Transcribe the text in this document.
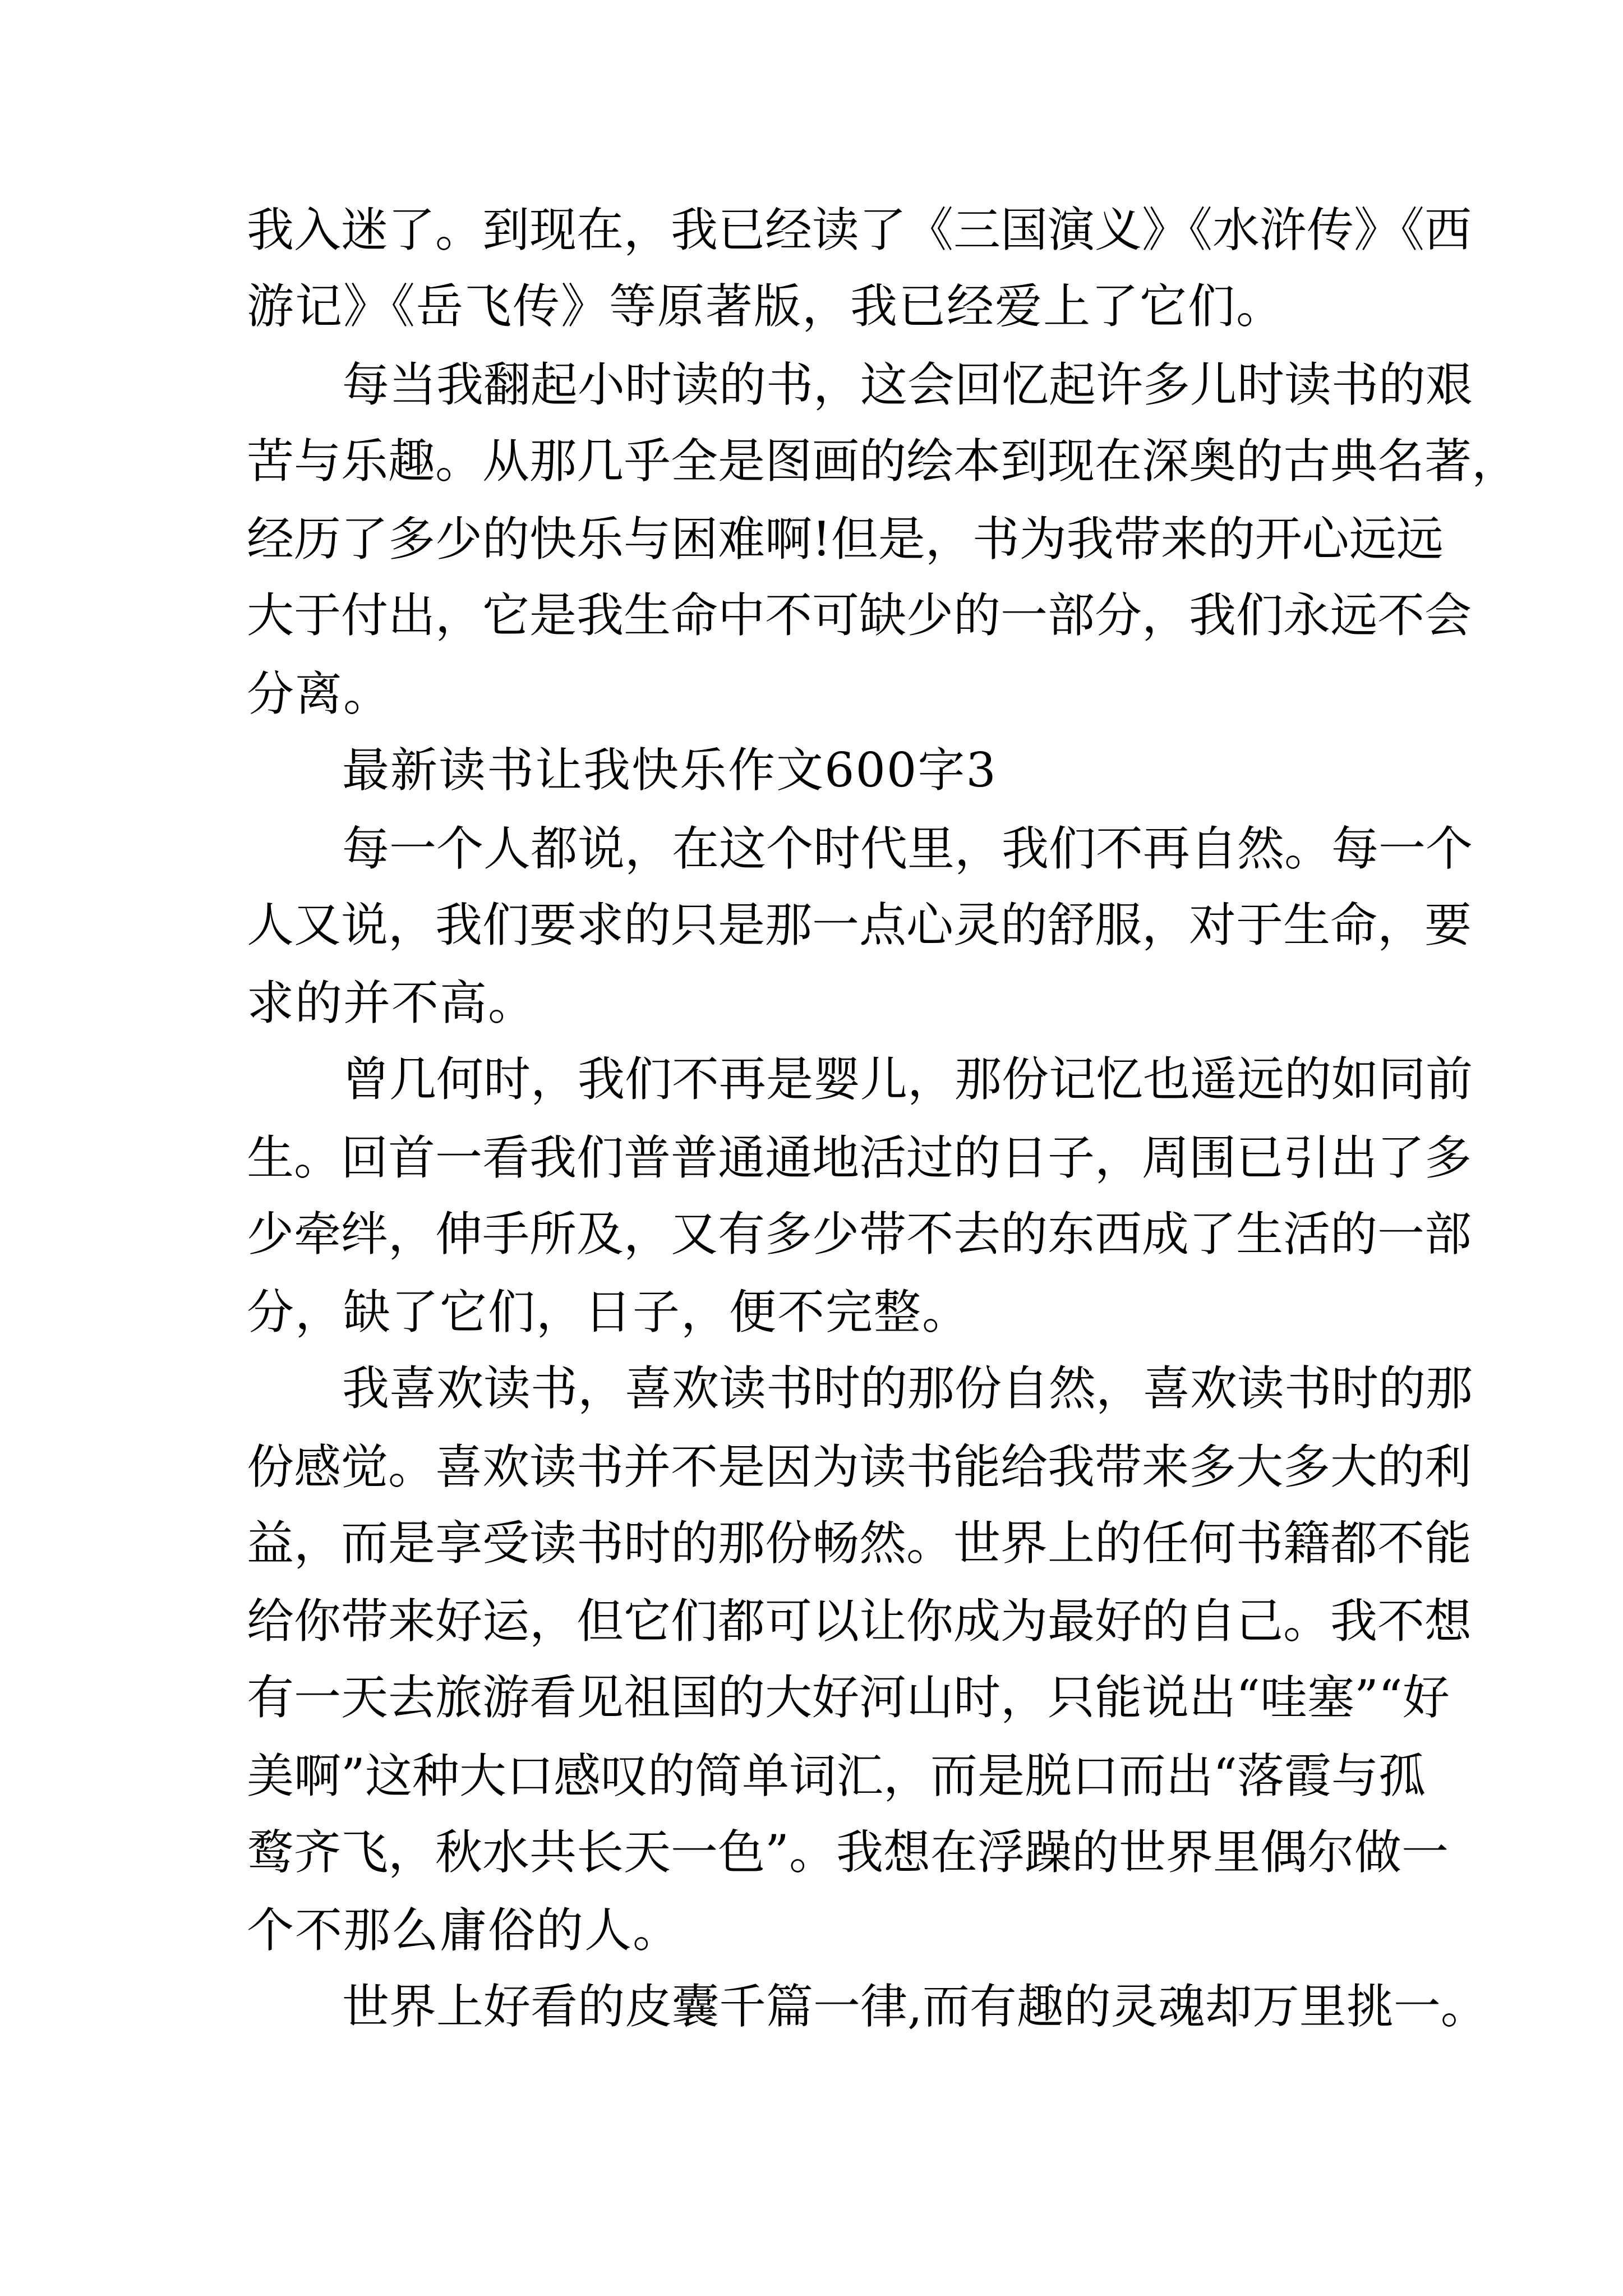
我入迷了。到现在，我已经读了《三国演义》《水浒传》《西

游记》《岳飞传》等原著版，我已经爱上了它们。

每当我翻起小时读的书，这会回忆起许多儿时读书的艰

苦与乐趣。从那几乎全是图画的绘本到现在深奥的古典名著，

经历了多少的快乐与困难啊!但是，书为我带来的开心远远

大于付出，它是我生命中不可缺少的一部分，我们永远不会

分离。

最新读书让我快乐作文600字3

每一个人都说，在这个时代里，我们不再自然。每一个

人又说，我们要求的只是那一点心灵的舒服，对于生命，要

求的并不高。

曾几何时，我们不再是婴儿，那份记忆也遥远的如同前

生。回首一看我们普普通通地活过的日子，周围已引出了多

少牵绊，伸手所及，又有多少带不去的东西成了生活的一部

分，缺了它们，日子，便不完整。

我喜欢读书，喜欢读书时的那份自然，喜欢读书时的那

份感觉。喜欢读书并不是因为读书能给我带来多大多大的利

益，而是享受读书时的那份畅然。世界上的任何书籍都不能

给你带来好运，但它们都可以让你成为最好的自己。我不想

有一天去旅游看见祖国的大好河山时，只能说出“哇塞”“好

美啊”这种大口感叹的简单词汇，而是脱口而出“落霞与孤

鹜齐飞，秋水共长天一色”。我想在浮躁的世界里偶尔做一

个不那么庸俗的人。

世界上好看的皮囊千篇一律,而有趣的灵魂却万里挑一。
